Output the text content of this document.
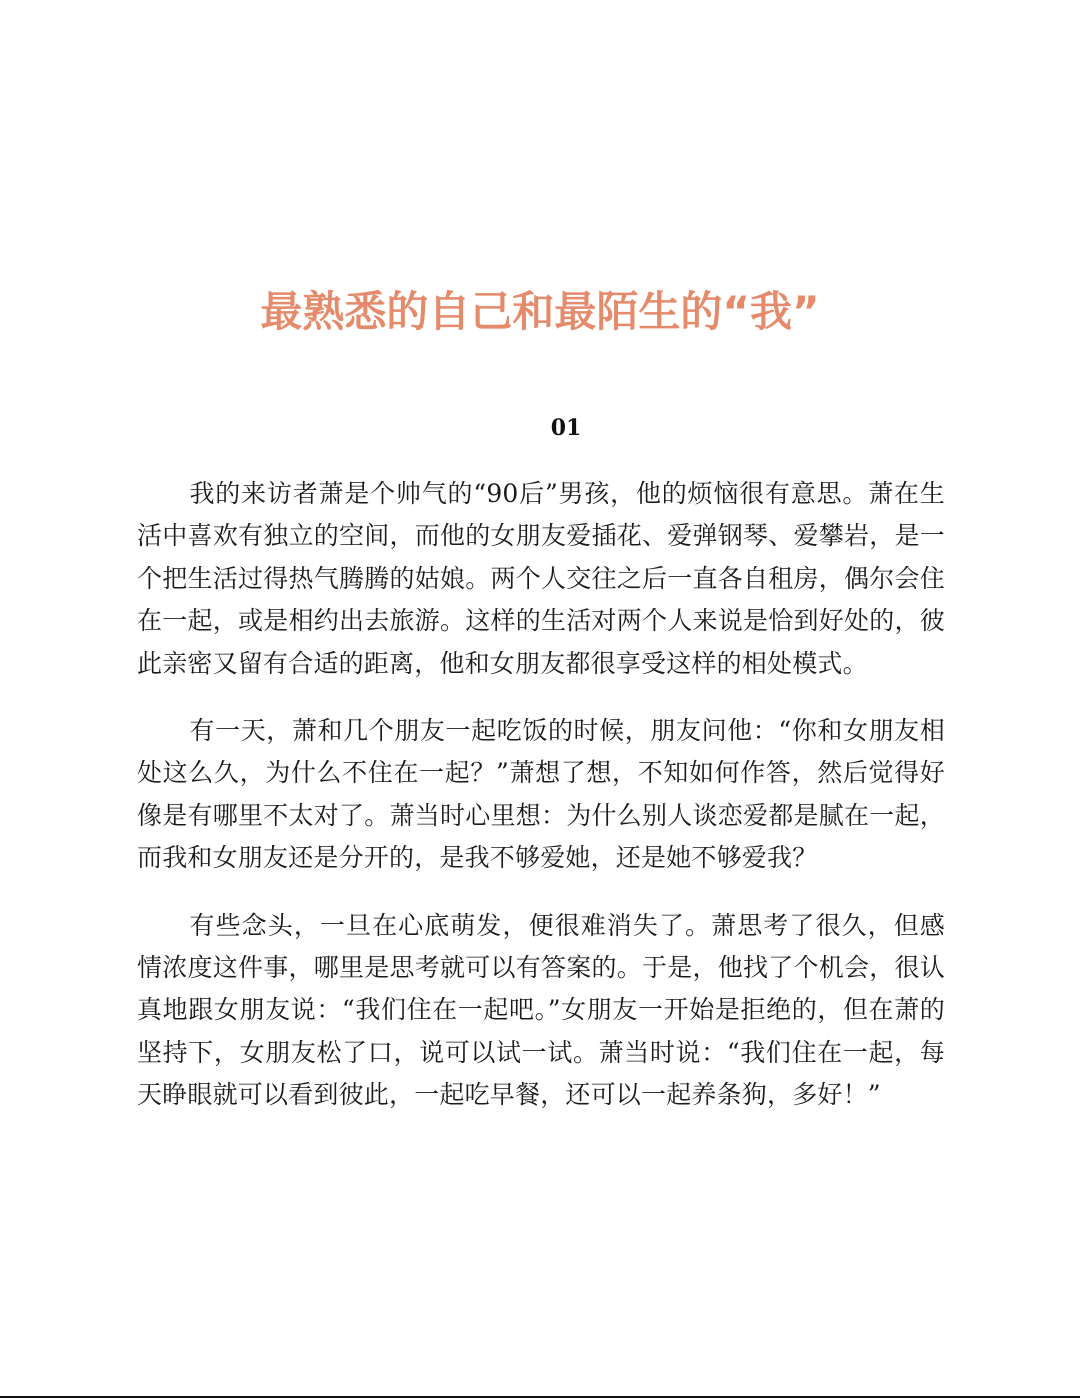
最熟悉的自己和最陌生的“我”
01

我的来访者萧是个帅气的“90后”男孩，他的烦恼很有意思。萧在生活中喜欢有独立的空间，而他的女朋友爱插花、爱弹钢琴、爱攀岩，是一个把生活过得热气腾腾的姑娘。两个人交往之后一直各自租房，偶尔会住在一起，或是相约出去旅游。这样的生活对两个人来说是恰到好处的，彼此亲密又留有合适的距离，他和女朋友都很享受这样的相处模式。

有一天，萧和几个朋友一起吃饭的时候，朋友问他：“你和女朋友相处这么久，为什么不住在一起？”萧想了想，不知如何作答，然后觉得好像是有哪里不太对了。萧当时心里想：为什么别人谈恋爱都是腻在一起，而我和女朋友还是分开的，是我不够爱她，还是她不够爱我？

有些念头，一旦在心底萌发，便很难消失了。萧思考了很久，但感情浓度这件事，哪里是思考就可以有答案的。于是，他找了个机会，很认真地跟女朋友说：“我们住在一起吧。”女朋友一开始是拒绝的，但在萧的坚持下，女朋友松了口，说可以试一试。萧当时说：“我们住在一起，每天睁眼就可以看到彼此，一起吃早餐，还可以一起养条狗，多好！”
